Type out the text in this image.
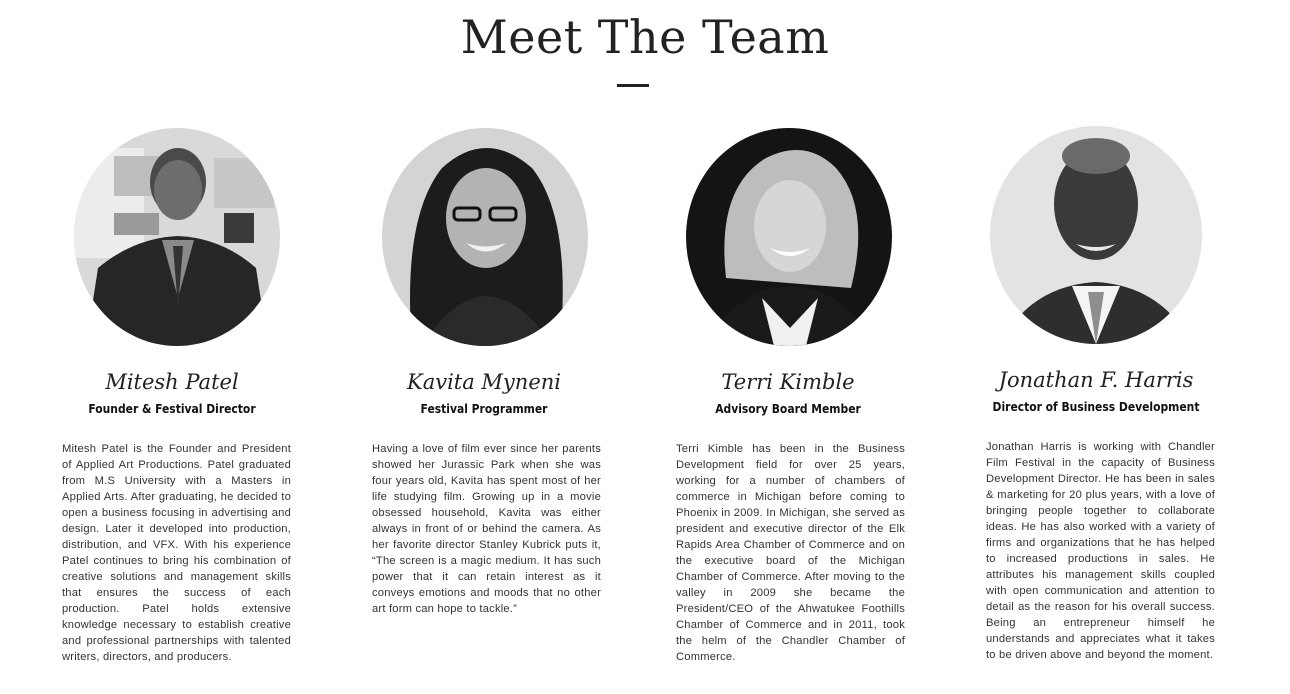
Meet The Team
Mitesh Patel
Founder & Festival Director
Mitesh Patel is the Founder and President of Applied Art Productions. Patel graduated from M.S University with a Masters in Applied Arts. After graduating, he decided to open a business focusing in advertising and design. Later it developed into production, distribution, and VFX. With his experience Patel continues to bring his combination of creative solutions and management skills that ensures the success of each production. Patel holds extensive knowledge necessary to establish creative and professional partnerships with talented writers, directors, and producers.
Kavita Myneni
Festival Programmer
Having a love of film ever since her parents showed her Jurassic Park when she was four years old, Kavita has spent most of her life studying film. Growing up in a movie obsessed household, Kavita was either always in front of or behind the camera. As her favorite director Stanley Kubrick puts it, “The screen is a magic medium. It has such power that it can retain interest as it conveys emotions and moods that no other art form can hope to tackle.”
Terri Kimble
Advisory Board Member
Terri Kimble has been in the Business Development field for over 25 years, working for a number of chambers of commerce in Michigan before coming to Phoenix in 2009. In Michigan, she served as president and executive director of the Elk Rapids Area Chamber of Commerce and on the executive board of the Michigan Chamber of Commerce. After moving to the valley in 2009 she became the President/CEO of the Ahwatukee Foothills Chamber of Commerce and in 2011, took the helm of the Chandler Chamber of Commerce.
Jonathan F. Harris
Director of Business Development
Jonathan Harris is working with Chandler Film Festival in the capacity of Business Development Director. He has been in sales & marketing for 20 plus years, with a love of bringing people together to collaborate ideas. He has also worked with a variety of firms and organizations that he has helped to increased productions in sales. He attributes his management skills coupled with open communication and attention to detail as the reason for his overall success. Being an entrepreneur himself he understands and appreciates what it takes to be driven above and beyond the moment.
